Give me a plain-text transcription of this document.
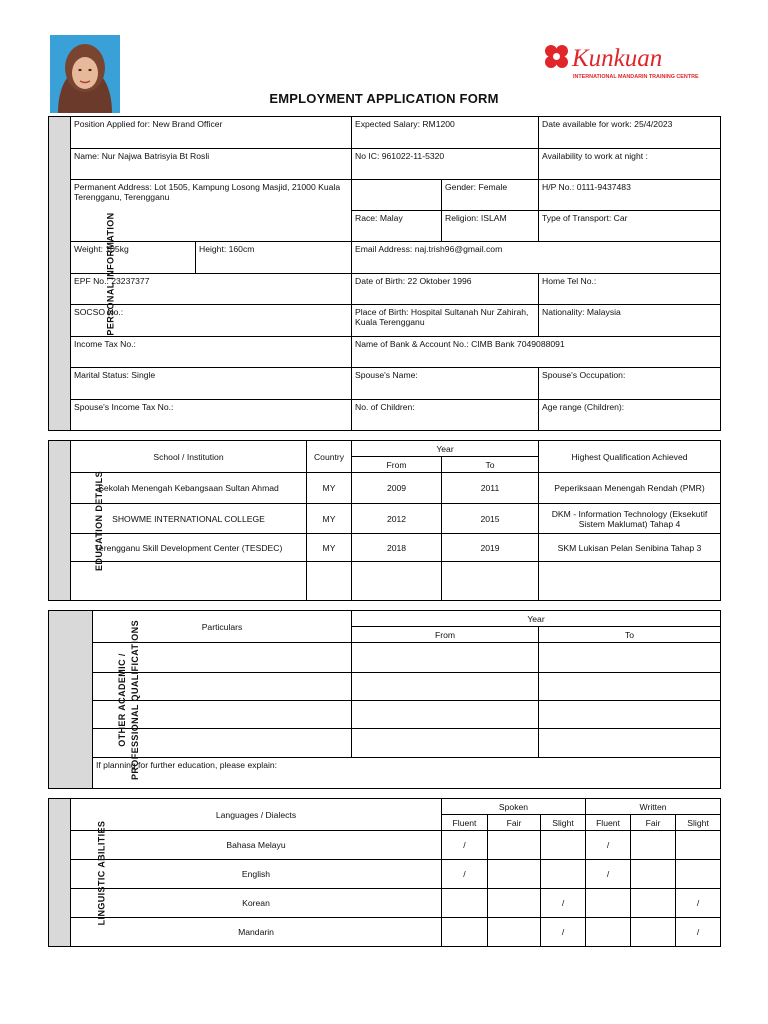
Kunkuan
INTERNATIONAL MANDARIN TRAINING CENTRE
EMPLOYMENT APPLICATION FORM
PERSONAL INFORMATION	Position Applied for: New Brand Officer		Expected Salary: RM1200		Date available for work: 25/4/2023
	Name: Nur Najwa Batrisyia Bt Rosli		No IC: 961022-11-5320		Availability to work at night :
	Permanent Address: Lot 1505, Kampung Losong Masjid, 21000 Kuala Terengganu, Terengganu			Gender: Female	H/P No.: 0111-9437483
			Race: Malay	Religion: ISLAM	Type of Transport: Car
	Weight: 105kg	Height: 160cm	Email Address: naj.trish96@gmail.com		
	EPF No.: 23237377		Date of Birth: 22 Oktober 1996		Home Tel No.:
	SOCSO No.:		Place of Birth: Hospital Sultanah Nur Zahirah, Kuala Terengganu		Nationality: Malaysia
	Income Tax No.:		Name of Bank & Account No.: CIMB Bank 7049088091		
	Marital Status: Single		Spouse's Name:		Spouse's Occupation:
	Spouse's Income Tax No.:		No. of Children:		Age range (Children):
EDUCATION DETAILS	School / Institution	Country	Year		Highest Qualification Achieved
			From	To	
	Sekolah Menengah Kebangsaan Sultan Ahmad	MY	2009	2011	Peperiksaan Menengah Rendah (PMR)
	SHOWME INTERNATIONAL COLLEGE	MY	2012	2015	DKM - Information Technology (Eksekutif Sistem Maklumat) Tahap 4
	Terengganu Skill Development Center (TESDEC)	MY	2018	2019	SKM Lukisan Pelan Senibina Tahap 3

OTHER ACADEMIC / PROFESSIONAL QUALIFICATIONS	Particulars	Year	
		From	To

	If planning for further education, please explain:		
LINGUISTIC ABILITIES	Languages / Dialects	Spoken			Written		
		Fluent	Fair	Slight	Fluent	Fair	Slight
	Bahasa Melayu	/			/		
	English	/			/		
	Korean			/			/
	Mandarin			/			/
